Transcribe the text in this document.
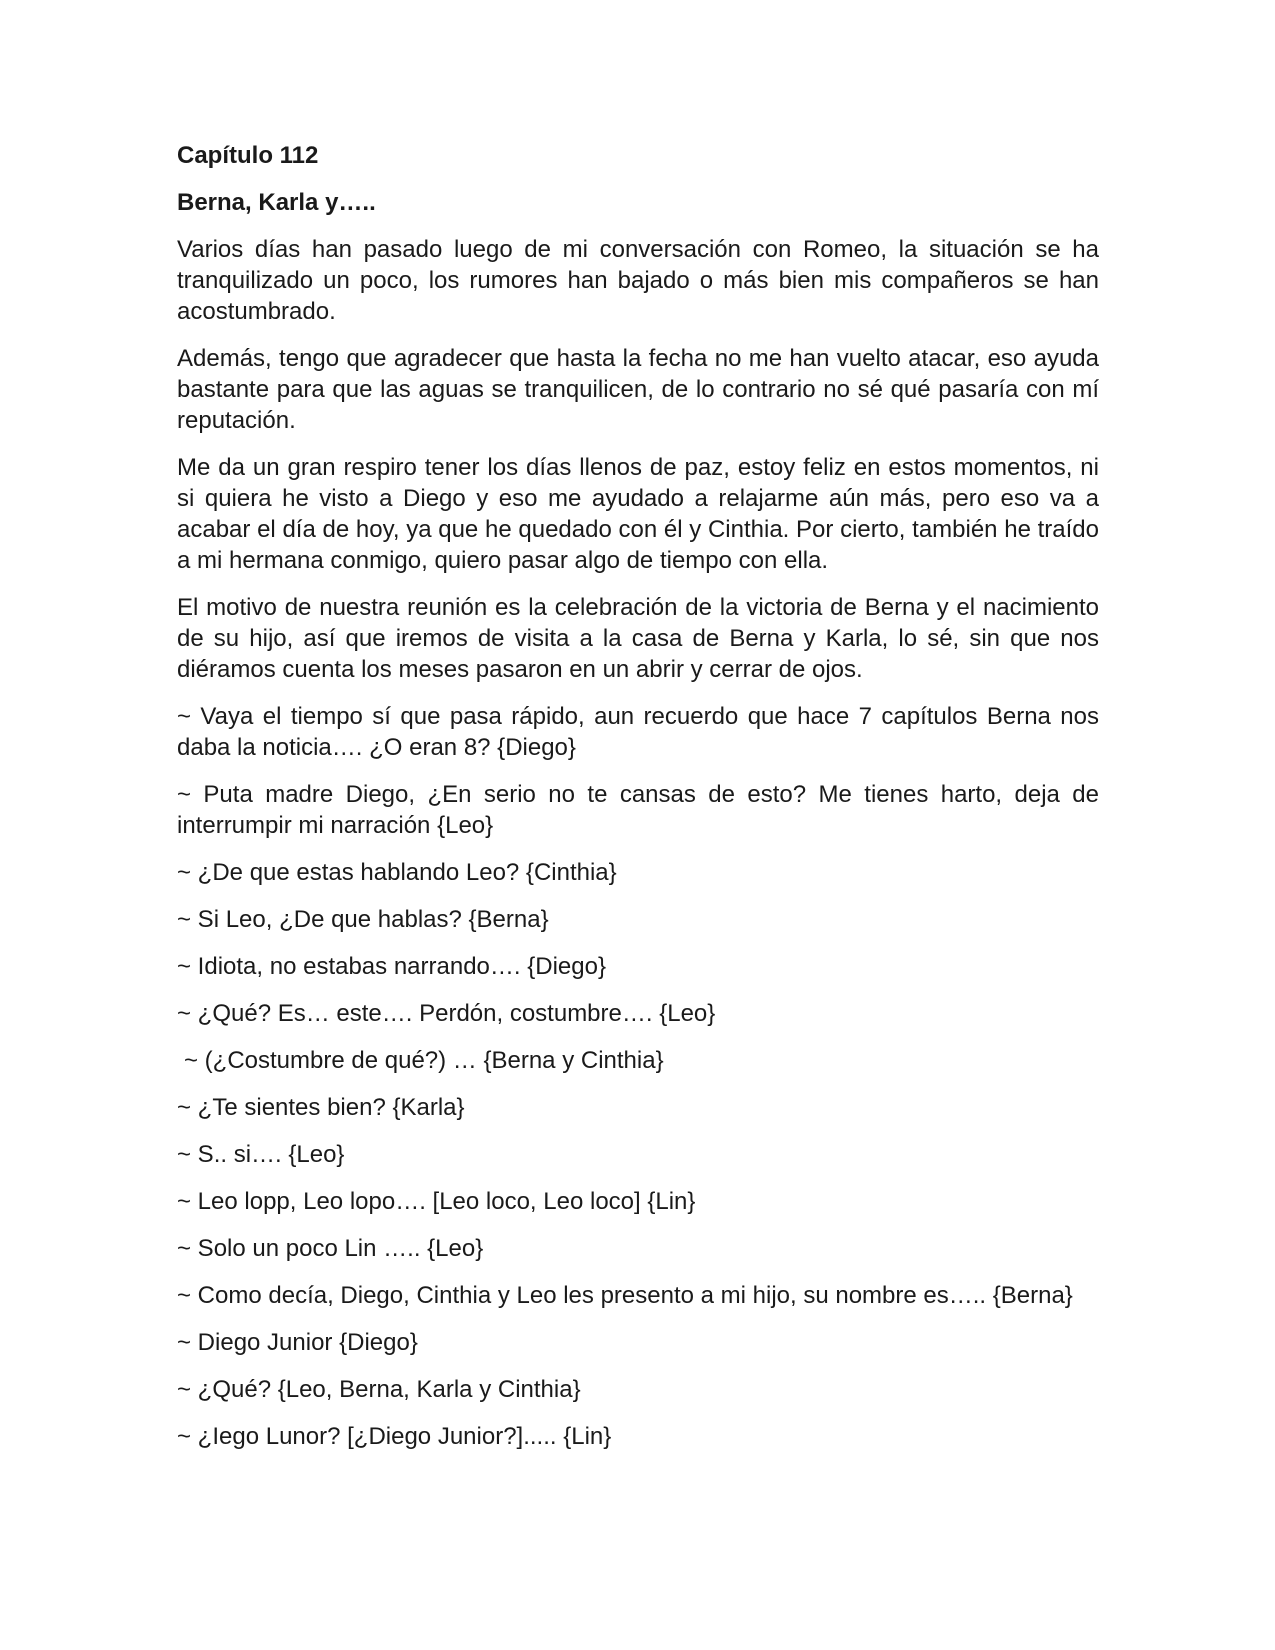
Capítulo 112
Berna, Karla y…..

Varios días han pasado luego de mi conversación con Romeo, la situación se ha tranquilizado un poco, los rumores han bajado o más bien mis compañeros se han acostumbrado.

Además, tengo que agradecer que hasta la fecha no me han vuelto atacar, eso ayuda bastante para que las aguas se tranquilicen, de lo contrario no sé qué pasaría con mí reputación.

Me da un gran respiro tener los días llenos de paz, estoy feliz en estos momentos, ni si quiera he visto a Diego y eso me ayudado a relajarme aún más, pero eso va a acabar el día de hoy, ya que he quedado con él y Cinthia. Por cierto, también he traído a mi hermana conmigo, quiero pasar algo de tiempo con ella.

El motivo de nuestra reunión es la celebración de la victoria de Berna y el nacimiento de su hijo, así que iremos de visita a la casa de Berna y Karla, lo sé, sin que nos diéramos cuenta los meses pasaron en un abrir y cerrar de ojos.

~ Vaya el tiempo sí que pasa rápido, aun recuerdo que hace 7 capítulos Berna nos daba la noticia…. ¿O eran 8? {Diego}

~ Puta madre Diego, ¿En serio no te cansas de esto? Me tienes harto, deja de interrumpir mi narración {Leo}

~ ¿De que estas hablando Leo? {Cinthia}

~ Si Leo, ¿De que hablas? {Berna}

~ Idiota, no estabas narrando…. {Diego}

~ ¿Qué? Es… este…. Perdón, costumbre…. {Leo}

~ (¿Costumbre de qué?) … {Berna y Cinthia}

~ ¿Te sientes bien? {Karla}

~ S.. si…. {Leo}

~ Leo lopp, Leo lopo…. [Leo loco, Leo loco] {Lin}

~ Solo un poco Lin ….. {Leo}

~ Como decía, Diego, Cinthia y Leo les presento a mi hijo, su nombre es….. {Berna}

~ Diego Junior {Diego}

~ ¿Qué? {Leo, Berna, Karla y Cinthia}

~ ¿Iego Lunor? [¿Diego Junior?]..... {Lin}
